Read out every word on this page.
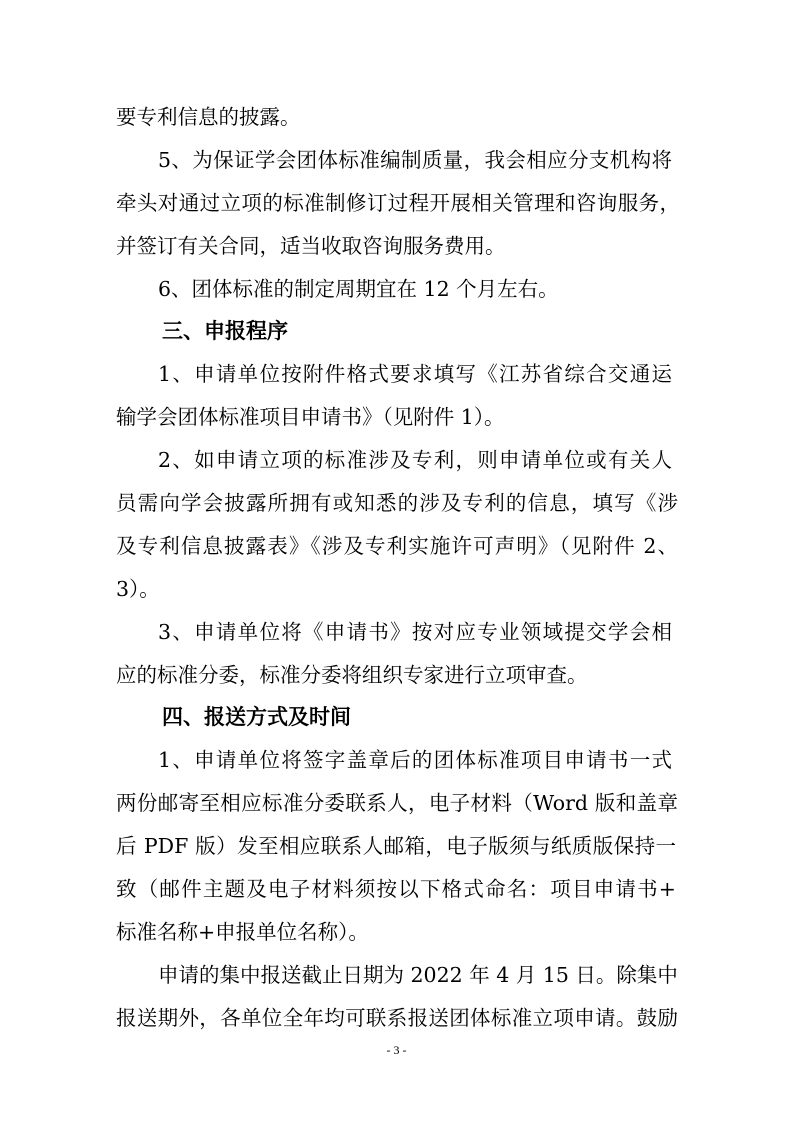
要专利信息的披露。
5、为保证学会团体标准编制质量，我会相应分支机构将
牵头对通过立项的标准制修订过程开展相关管理和咨询服务，
并签订有关合同，适当收取咨询服务费用。
6、团体标准的制定周期宜在 12 个月左右。
三、申报程序
1、申请单位按附件格式要求填写《江苏省综合交通运
输学会团体标准项目申请书》（见附件 1）。
2、如申请立项的标准涉及专利，则申请单位或有关人
员需向学会披露所拥有或知悉的涉及专利的信息，填写《涉
及专利信息披露表》《涉及专利实施许可声明》（见附件 2、
3）。
3、申请单位将《申请书》按对应专业领域提交学会相
应的标准分委，标准分委将组织专家进行立项审查。
四、报送方式及时间
1、申请单位将签字盖章后的团体标准项目申请书一式
两份邮寄至相应标准分委联系人，电子材料（Word 版和盖章
后 PDF 版）发至相应联系人邮箱，电子版须与纸质版保持一
致（邮件主题及电子材料须按以下格式命名：项目申请书+
标准名称+申报单位名称）。
申请的集中报送截止日期为 2022 年 4 月 15 日。除集中
报送期外，各单位全年均可联系报送团体标准立项申请。鼓励
- 3 -
